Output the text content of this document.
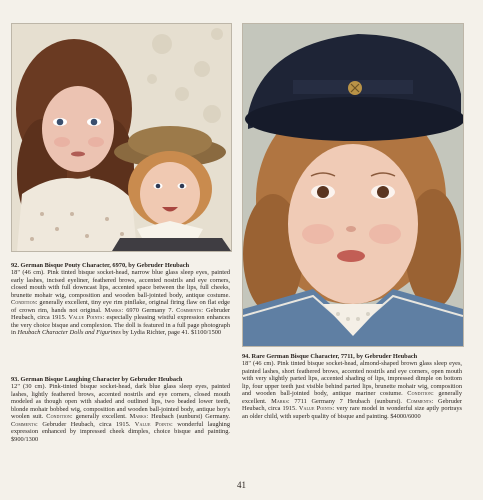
92. German Bisque Pouty Character, 6970, by Gebruder Heubach
18" (46 cm). Pink tinted bisque socket-head, narrow blue glass sleep eyes, painted early lashes, incised eyeliner, feathered brows, accented nostrils and eye corners, closed mouth with full downcast lips, accented space between the lips, full cheeks, brunette mohair wig, composition and wooden ball-jointed body, antique costume. Condition: generally excellent, tiny eye rim pinflake, original firing flaw on flat edge of crown rim, hands not original. Marks: 6970 Germany 7. Comments: Gebruder Heubach, circa 1915. Value Points: especially pleasing wistful expression enhances the very choice bisque and complexion. The doll is featured in a full page photograph in Heubach Character Dolls and Figurines by Lydia Richter, page 41. $1100/1500
93. German Bisque Laughing Character by Gebruder Heubach
12" (30 cm). Pink-tinted bisque socket-head, dark blue glass sleep eyes, painted lashes, lightly feathered brows, accented nostrils and eye corners, closed mouth modeled as though open with shaded and outlined lips, two beaded lower teeth, blonde mohair bobbed wig, composition and wooden ball-jointed body, antique boy's woolen suit. Condition: generally excellent. Marks: Heubach (sunburst) Germany. Comments: Gebruder Heubach, circa 1915. Value Points: wonderful laughing expression enhanced by impressed cheek dimples, choice bisque and painting. $900/1300
94. Rare German Bisque Character, 7711, by Gebruder Heubach
18" (46 cm). Pink tinted bisque socket-head, almond-shaped brown glass sleep eyes, painted lashes, short feathered brows, accented nostrils and eye corners, open mouth with very slightly parted lips, accented shading of lips, impressed dimple on bottom lip, four upper teeth just visible behind parted lips, brunette mohair wig, composition and wooden ball-jointed body, antique mariner costume. Condition: generally excellent. Marks: 7711 Germany 7 Heubach (sunburst). Comments: Gebruder Heubach, circa 1915. Value Points: very rare model in wonderful size aptly portrays an older child, with superb quality of bisque and painting. $4000/6000
41
